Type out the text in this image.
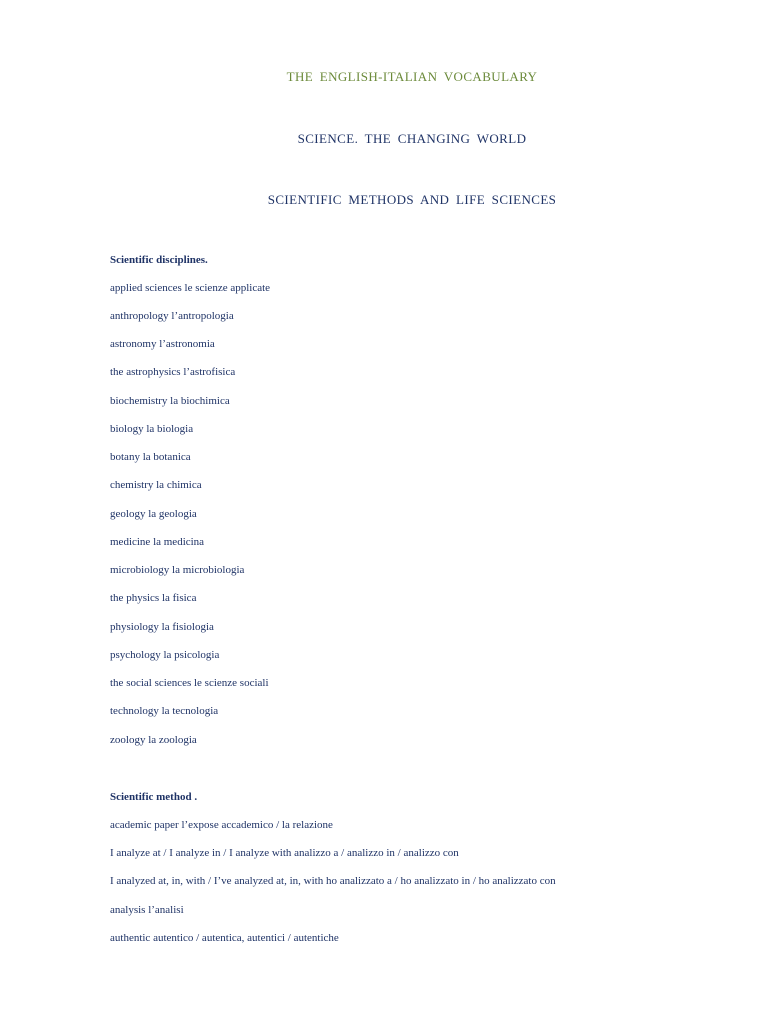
THE ENGLISH-ITALIAN VOCABULARY
SCIENCE. THE CHANGING WORLD
SCIENTIFIC METHODS AND LIFE SCIENCES
Scientific disciplines.
applied sciences le scienze applicate
anthropology l’antropologia
astronomy l’astronomia
the astrophysics l’astrofisica
biochemistry la biochimica
biology la biologia
botany la botanica
chemistry la chimica
geology la geologia
medicine la medicina
microbiology la microbiologia
the physics la fisica
physiology la fisiologia
psychology la psicologia
the social sciences le scienze sociali
technology la tecnologia
zoology la zoologia
Scientific method .
academic paper l’expose accademico / la relazione
I analyze at / I analyze in / I analyze with analizzo a / analizzo in / analizzo con
I analyzed at, in, with / I’ve analyzed at, in, with ho analizzato a / ho analizzato in / ho analizzato con
analysis l’analisi
authentic autentico / autentica, autentici / autentiche
